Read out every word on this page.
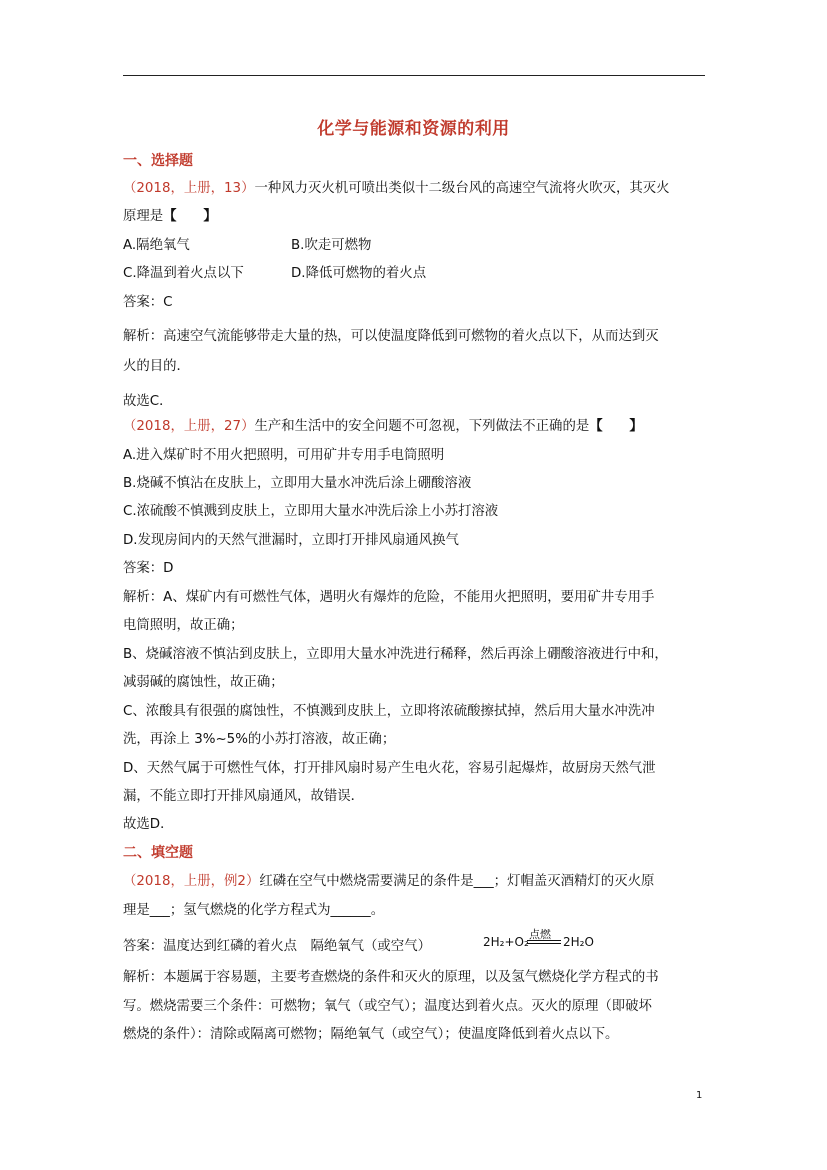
化学与能源和资源的利用
一、选择题
（2018，上册，13）一种风力灭火机可喷出类似十二级台风的高速空气流将火吹灭，其灭火
原理是【　　】
A.隔绝氧气	B.吹走可燃物
C.降温到着火点以下	D.降低可燃物的着火点
答案：C
解析：高速空气流能够带走大量的热，可以使温度降低到可燃物的着火点以下，从而达到灭
火的目的．
故选C．
（2018，上册，27）生产和生活中的安全问题不可忽视，下列做法不正确的是【　　】
A.进入煤矿时不用火把照明，可用矿井专用手电筒照明
B.烧碱不慎沾在皮肤上，立即用大量水冲洗后涂上硼酸溶液
C.浓硫酸不慎溅到皮肤上，立即用大量水冲洗后涂上小苏打溶液
D.发现房间内的天然气泄漏时，立即打开排风扇通风换气
答案：D
解析：A、煤矿内有可燃性气体，遇明火有爆炸的危险，不能用火把照明，要用矿井专用手
电筒照明，故正确；
B、烧碱溶液不慎沾到皮肤上，立即用大量水冲洗进行稀释，然后再涂上硼酸溶液进行中和，
减弱碱的腐蚀性，故正确；
C、浓酸具有很强的腐蚀性，不慎溅到皮肤上，立即将浓硫酸擦拭掉，然后用大量水冲洗冲
洗，再涂上 3%~5%的小苏打溶液，故正确；
D、天然气属于可燃性气体，打开排风扇时易产生电火花，容易引起爆炸，故厨房天然气泄
漏，不能立即打开排风扇通风，故错误．
故选D．
二、填空题
（2018，上册，例2）红磷在空气中燃烧需要满足的条件是___；灯帽盖灭酒精灯的灭火原
理是___；氢气燃烧的化学方程式为______。
答案：温度达到红磷的着火点　隔绝氧气（或空气）	2H₂+O₂
点燃
2H₂O
解析：本题属于容易题，主要考查燃烧的条件和灭火的原理，以及氢气燃烧化学方程式的书
写。燃烧需要三个条件：可燃物；氧气（或空气）；温度达到着火点。灭火的原理（即破坏
燃烧的条件）：清除或隔离可燃物；隔绝氧气（或空气）；使温度降低到着火点以下。
1
